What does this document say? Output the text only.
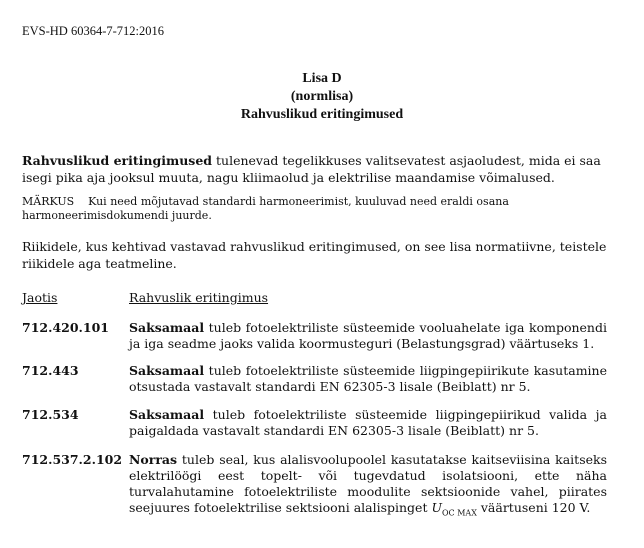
EVS-HD 60364-7-712:2016
Lisa D
(normlisa)
Rahvuslikud eritingimused
Rahvuslikud eritingimused tulenevad tegelikkuses valitsevatest asjaoludest, mida ei saa isegi pika aja jooksul muuta, nagu kliimaolud ja elektrilise maandamise võimalused.
MÄRKUS Kui need mõjutavad standardi harmoneerimist, kuuluvad need eraldi osana harmoneerimisdokumendi juurde.
Riikidele, kus kehtivad vastavad rahvuslikud eritingimused, on see lisa normatiivne, teistele riikidele aga teatmeline.
Jaotis	Rahvuslik eritingimus
712.420.101 Saksamaal tuleb fotoelektriliste süsteemide vooluahelate iga komponendi ja iga seadme jaoks valida koormusteguri (Belastungsgrad) väärtuseks 1.
712.443	Saksamaal tuleb fotoelektriliste süsteemide liigpingepiirikute kasutamine otsustada vastavalt standardi EN 62305-3 lisale (Beiblatt) nr 5.
712.534	Saksamaal tuleb fotoelektriliste süsteemide liigpingepiirikud valida ja paigaldada vastavalt standardi EN 62305-3 lisale (Beiblatt) nr 5.
712.537.2.102 Norras tuleb seal, kus alalisvoolupoolel kasutatakse kaitseviisina kaitseks elektrilöögi eest topelt- või tugevdatud isolatsiooni, ette näha turvalahutamine fotoelektriliste moodulite sektsioonide vahel, piirates seejuures fotoelektrilise sektsiooni alalispinget $U_{OC MAX}$ väärtuseni 120 V.
